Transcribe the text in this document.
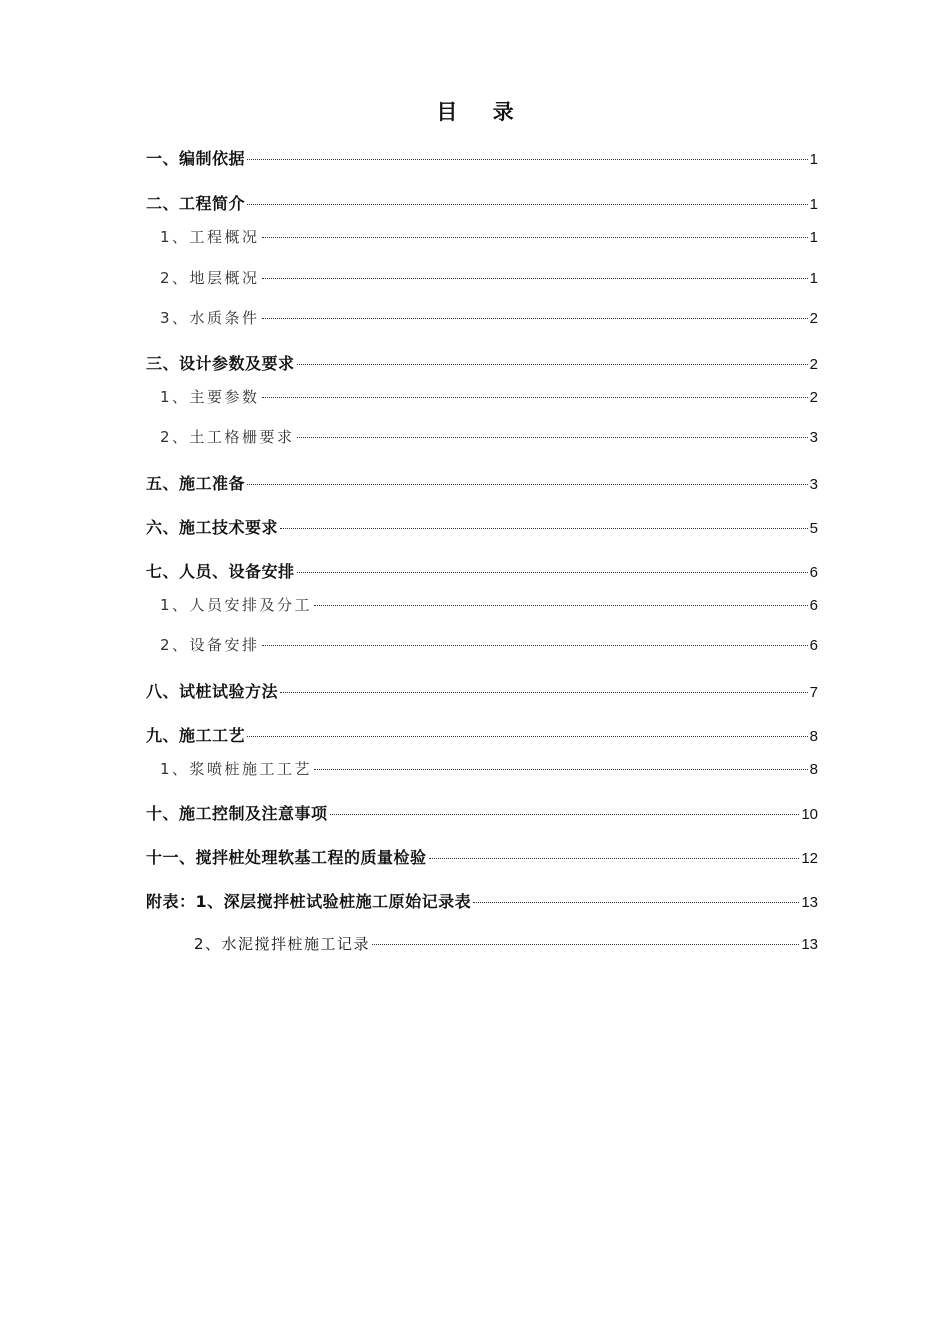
目 录
一、编制依据	1
二、工程简介	1
1、工程概况	1
2、地层概况	1
3、水质条件	2
三、设计参数及要求	2
1、主要参数	2
2、土工格栅要求	3
五、施工准备	3
六、施工技术要求	5
七、人员、设备安排	6
1、人员安排及分工	6
2、设备安排	6
八、试桩试验方法	7
九、施工工艺	8
1、浆喷桩施工工艺	8
十、施工控制及注意事项	10
十一、搅拌桩处理软基工程的质量检验	12
附表：1、深层搅拌桩试验桩施工原始记录表	13
2、水泥搅拌桩施工记录	13
